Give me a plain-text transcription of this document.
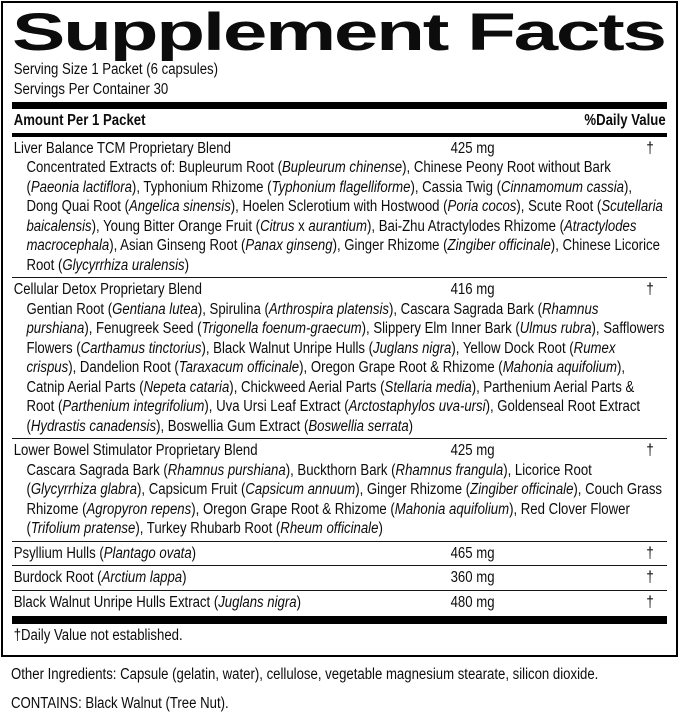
Supplement Facts
Serving Size 1 Packet (6 capsules)
Servings Per Container 30
Amount Per 1 Packet	%Daily Value
Liver Balance TCM Proprietary Blend	425 mg	†
Concentrated Extracts of: Bupleurum Root (Bupleurum chinense), Chinese Peony Root without Bark (Paeonia lactiflora), Typhonium Rhizome (Typhonium flagelliforme), Cassia Twig (Cinnamomum cassia), Dong Quai Root (Angelica sinensis), Hoelen Sclerotium with Hostwood (Poria cocos), Scute Root (Scutellaria baicalensis), Young Bitter Orange Fruit (Citrus x aurantium), Bai-Zhu Atractylodes Rhizome (Atractylodes macrocephala), Asian Ginseng Root (Panax ginseng), Ginger Rhizome (Zingiber officinale), Chinese Licorice Root (Glycyrrhiza uralensis)
Cellular Detox Proprietary Blend	416 mg	†
Gentian Root (Gentiana lutea), Spirulina (Arthrospira platensis), Cascara Sagrada Bark (Rhamnus purshiana), Fenugreek Seed (Trigonella foenum-graecum), Slippery Elm Inner Bark (Ulmus rubra), Safflowers Flowers (Carthamus tinctorius), Black Walnut Unripe Hulls (Juglans nigra), Yellow Dock Root (Rumex crispus), Dandelion Root (Taraxacum officinale), Oregon Grape Root & Rhizome (Mahonia aquifolium), Catnip Aerial Parts (Nepeta cataria), Chickweed Aerial Parts (Stellaria media), Parthenium Aerial Parts & Root (Parthenium integrifolium), Uva Ursi Leaf Extract (Arctostaphylos uva-ursi), Goldenseal Root Extract (Hydrastis canadensis), Boswellia Gum Extract (Boswellia serrata)
Lower Bowel Stimulator Proprietary Blend	425 mg	†
Cascara Sagrada Bark (Rhamnus purshiana), Buckthorn Bark (Rhamnus frangula), Licorice Root (Glycyrrhiza glabra), Capsicum Fruit (Capsicum annuum), Ginger Rhizome (Zingiber officinale), Couch Grass Rhizome (Agropyron repens), Oregon Grape Root & Rhizome (Mahonia aquifolium), Red Clover Flower (Trifolium pratense), Turkey Rhubarb Root (Rheum officinale)
Psyllium Hulls (Plantago ovata)	465 mg	†
Burdock Root (Arctium lappa)	360 mg	†
Black Walnut Unripe Hulls Extract (Juglans nigra)	480 mg	†
†Daily Value not established.
Other Ingredients: Capsule (gelatin, water), cellulose, vegetable magnesium stearate, silicon dioxide.
CONTAINS: Black Walnut (Tree Nut).
